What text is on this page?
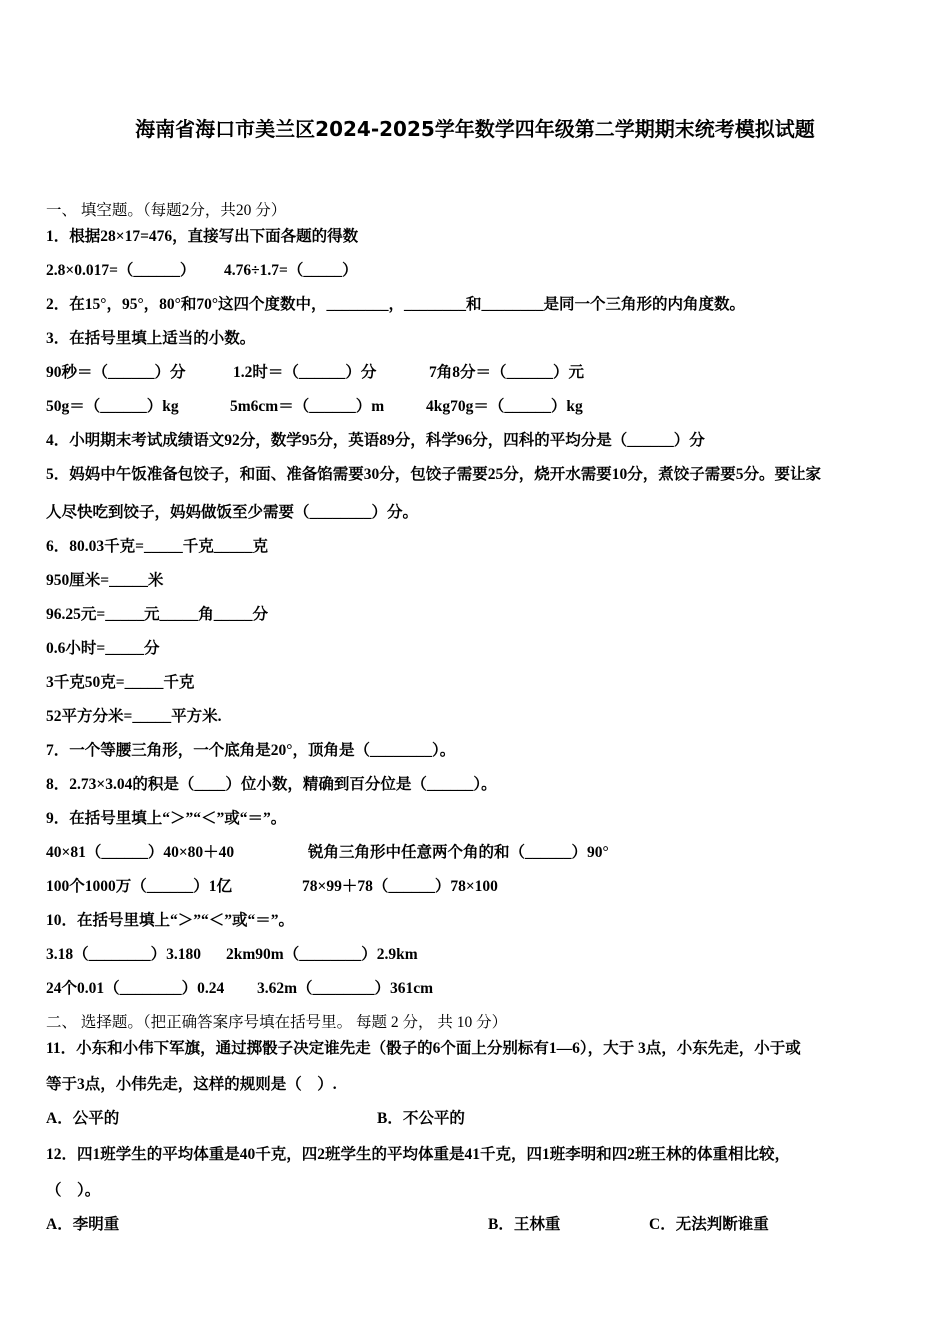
海南省海口市美兰区2024-2025学年数学四年级第二学期期末统考模拟试题
一、 填空题。（每题2分，共20 分）
1．根据28×17=476，直接写出下面各题的得数
2.8×0.017=（______） 4.76÷1.7=（_____）
2．在15°，95°，80°和70°这四个度数中，________，________和________是同一个三角形的内角度数。
3．在括号里填上适当的小数。
90秒＝（______）分	1.2时＝（______）分	7角8分＝（______）元
50g＝（______）kg	5m6cm＝（______）m	4kg70g＝（______）kg
4．小明期末考试成绩语文92分，数学95分，英语89分，科学96分，四科的平均分是（______）分
5．妈妈中午饭准备包饺子，和面、准备馅需要30分，包饺子需要25分，烧开水需要10分，煮饺子需要5分。要让家
人尽快吃到饺子，妈妈做饭至少需要（________）分。
6．80.03千克=_____千克_____克
950厘米=_____米
96.25元=_____元_____角_____分
0.6小时=_____分
3千克50克=_____千克
52平方分米=_____平方米.
7．一个等腰三角形，一个底角是20°，顶角是（________）。
8．2.73×3.04的积是（____）位小数，精确到百分位是（______）。
9．在括号里填上“＞”“＜”或“＝”。
40×81（______）40×80＋40	锐角三角形中任意两个角的和（______）90°
100个1000万（______）1亿	78×99＋78（______）78×100
10．在括号里填上“＞”“＜”或“＝”。
3.18（________）3.180 2km90m（________）2.9km
24个0.01（________）0.24 3.62m（________）361cm
二、 选择题。（把正确答案序号填在括号里。 每题 2 分， 共 10 分）
11．小东和小伟下军旗，通过掷骰子决定谁先走（骰子的6个面上分别标有1—6），大于 3点，小东先走，小于或
等于3点，小伟先走，这样的规则是（　）.
A．公平的	B．不公平的
12．四1班学生的平均体重是40千克，四2班学生的平均体重是41千克，四1班李明和四2班王林的体重相比较，
（　）。
A．李明重	B．王林重	C．无法判断谁重
